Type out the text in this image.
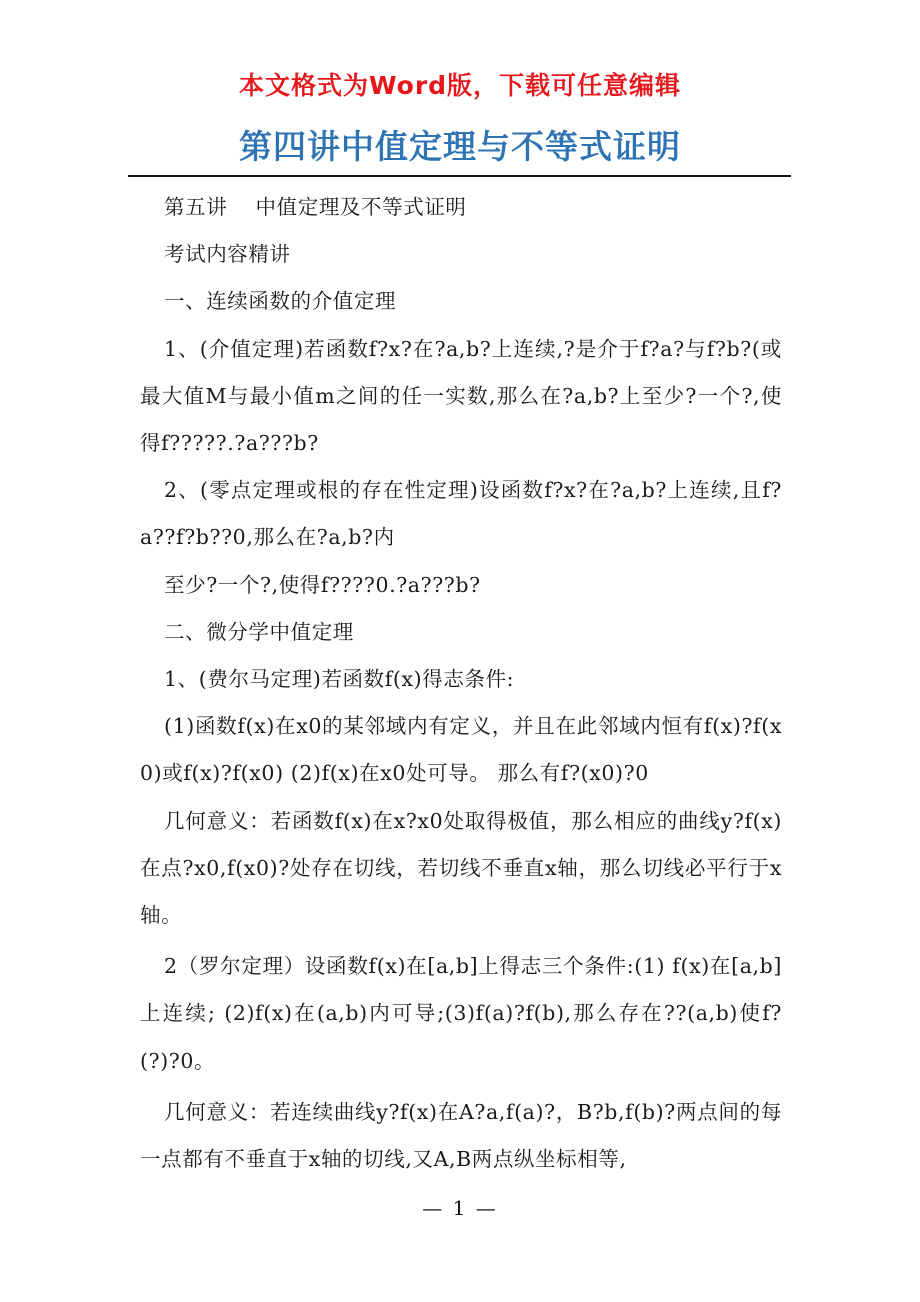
本文格式为Word版，下载可任意编辑
第四讲中值定理与不等式证明

第五讲　 中值定理及不等式证明

考试内容精讲

一、连续函数的介值定理

1、(介值定理)若函数f?x?在?a,b?上连续,?是介于f?a?与f?b?(或最大值M与最小值m之间的任一实数,那么在?a,b?上至少?一个?,使得f?????.?a???b?

2、(零点定理或根的存在性定理)设函数f?x?在?a,b?上连续,且f?a??f?b??0,那么在?a,b?内

至少?一个?,使得f????0.?a???b?

二、微分学中值定理

1、(费尔马定理)若函数f(x)得志条件:

(1)函数f(x)在x0的某邻域内有定义，并且在此邻域内恒有f(x)?f(x0)或f(x)?f(x0) (2)f(x)在x0处可导。 那么有f?(x0)?0

几何意义：若函数f(x)在x?x0处取得极值，那么相应的曲线y?f(x)在点?x0,f(x0)?处存在切线，若切线不垂直x轴，那么切线必平行于x轴。

2（罗尔定理）设函数f(x)在[a,b]上得志三个条件:(1) f(x)在[a,b]上连续; (2)f(x)在(a,b)内可导;(3)f(a)?f(b),那么存在??(a,b)使f?(?)?0。

几何意义：若连续曲线y?f(x)在A?a,f(a)?，B?b,f(b)?两点间的每一点都有不垂直于x轴的切线,又A,B两点纵坐标相等,

— 1 —
